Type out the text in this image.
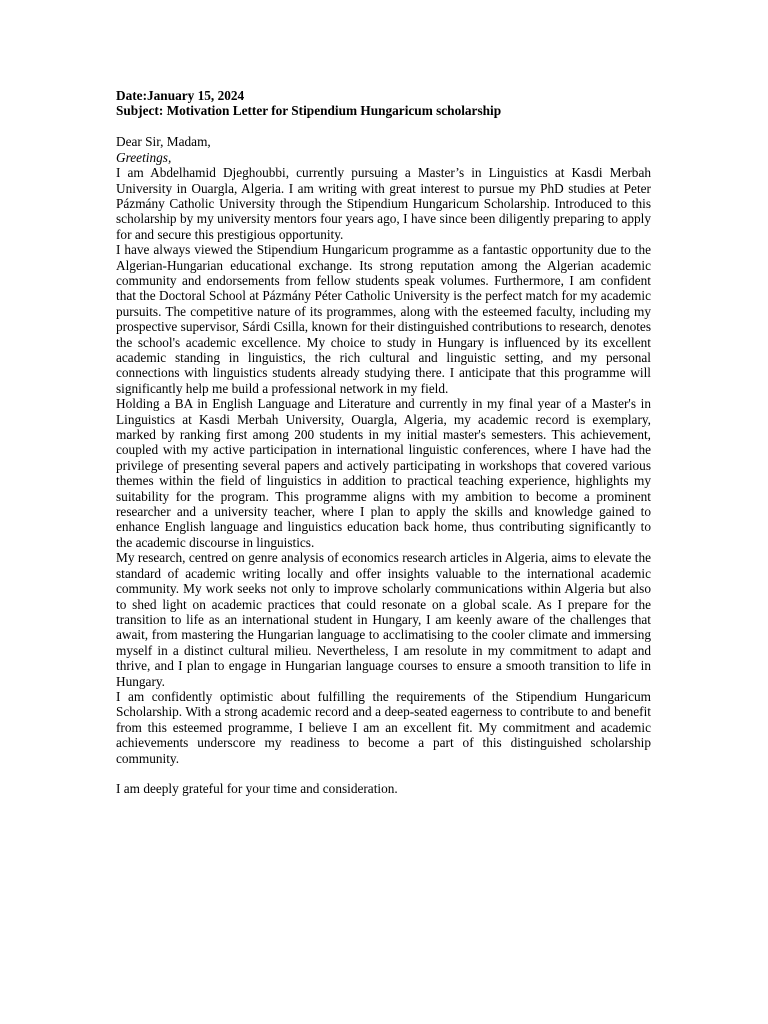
Date:January 15, 2024

Subject: Motivation Letter for Stipendium Hungaricum scholarship

Dear Sir, Madam,

Greetings,

I am Abdelhamid Djeghoubbi, currently pursuing a Master’s in Linguistics at Kasdi Merbah University in Ouargla, Algeria. I am writing with great interest to pursue my PhD studies at Peter Pázmány Catholic University through the Stipendium Hungaricum Scholarship. Introduced to this scholarship by my university mentors four years ago, I have since been diligently preparing to apply for and secure this prestigious opportunity.

I have always viewed the Stipendium Hungaricum programme as a fantastic opportunity due to the Algerian-Hungarian educational exchange. Its strong reputation among the Algerian academic community and endorsements from fellow students speak volumes. Furthermore, I am confident that the Doctoral School at Pázmány Péter Catholic University is the perfect match for my academic pursuits. The competitive nature of its programmes, along with the esteemed faculty, including my prospective supervisor, Sárdi Csilla, known for their distinguished contributions to research, denotes the school's academic excellence. My choice to study in Hungary is influenced by its excellent academic standing in linguistics, the rich cultural and linguistic setting, and my personal connections with linguistics students already studying there. I anticipate that this programme will significantly help me build a professional network in my field.

Holding a BA in English Language and Literature and currently in my final year of a Master's in Linguistics at Kasdi Merbah University, Ouargla, Algeria, my academic record is exemplary, marked by ranking first among 200 students in my initial master's semesters. This achievement, coupled with my active participation in international linguistic conferences, where I have had the privilege of presenting several papers and actively participating in workshops that covered various themes within the field of linguistics in addition to practical teaching experience, highlights my suitability for the program. This programme aligns with my ambition to become a prominent researcher and a university teacher, where I plan to apply the skills and knowledge gained to enhance English language and linguistics education back home, thus contributing significantly to the academic discourse in linguistics.

My research, centred on genre analysis of economics research articles in Algeria, aims to elevate the standard of academic writing locally and offer insights valuable to the international academic community. My work seeks not only to improve scholarly communications within Algeria but also to shed light on academic practices that could resonate on a global scale. As I prepare for the transition to life as an international student in Hungary, I am keenly aware of the challenges that await, from mastering the Hungarian language to acclimatising to the cooler climate and immersing myself in a distinct cultural milieu. Nevertheless, I am resolute in my commitment to adapt and thrive, and I plan to engage in Hungarian language courses to ensure a smooth transition to life in Hungary.

I am confidently optimistic about fulfilling the requirements of the Stipendium Hungaricum Scholarship. With a strong academic record and a deep-seated eagerness to contribute to and benefit from this esteemed programme, I believe I am an excellent fit. My commitment and academic achievements underscore my readiness to become a part of this distinguished scholarship community.

I am deeply grateful for your time and consideration.
